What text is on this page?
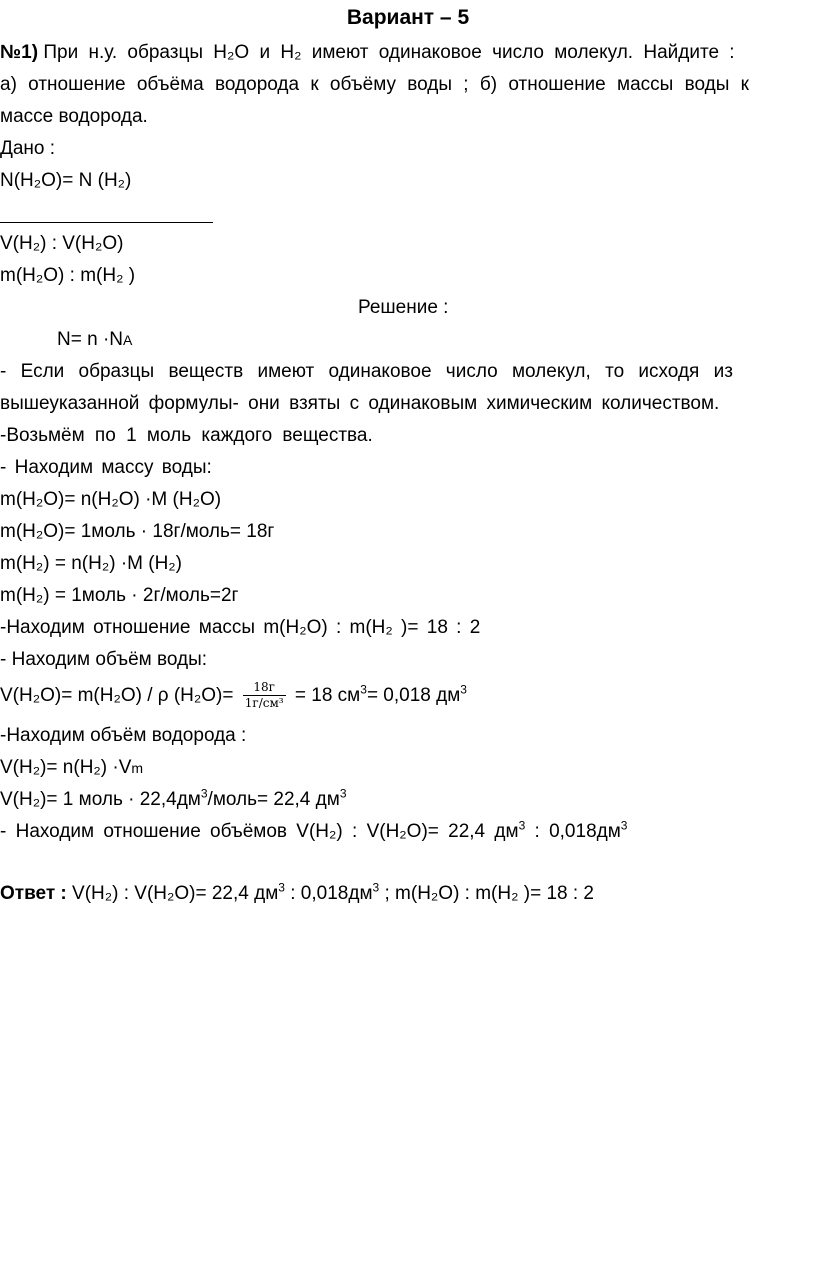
Вариант – 5
№1) При н.у. образцы H₂O и H₂ имеют одинаковое число молекул. Найдите :
а) отношение объёма водорода к объёму воды ; б) отношение массы воды к
массе водорода.
Дано :
N(H₂O)= N (H₂)
V(H₂) : V(H₂O)
m(H₂O) : m(H₂ )
Решение :
N= n ·NA
- Если образцы веществ имеют одинаковое число молекул, то исходя из
вышеуказанной формулы- они взяты с одинаковым химическим количеством.
-Возьмём по 1 моль каждого вещества.
- Находим массу воды:
m(H₂O)= n(H₂O) ·M (H₂O)
m(H₂O)= 1моль · 18г/моль= 18г
m(H₂) = n(H₂) ·M (H₂)
m(H₂) = 1моль · 2г/моль=2г
-Находим отношение массы m(H₂O) : m(H₂ )= 18 : 2
- Находим объём воды:
V(H₂O)= m(H₂O) / ρ $(H_2O)= \frac{18г}{\text{1г/см³}} = 18$ $см^3= 0,018$ $дм^3$
-Находим объём водорода :
V(H₂)= n(H₂) ·Vm
V(H₂)= 1 моль · $22,4дм^3/моль= 22,4$ $дм^3$
- Находим отношение объёмов V(H₂) : V(H₂O)= 22,4 $дм^3$ : $0,018дм^3$
Ответ : V(H₂) : V(H₂O)= 22,4 $дм^3$ : $0,018дм^3$ ; m(H₂O) : m(H₂ )= 18 : 2
